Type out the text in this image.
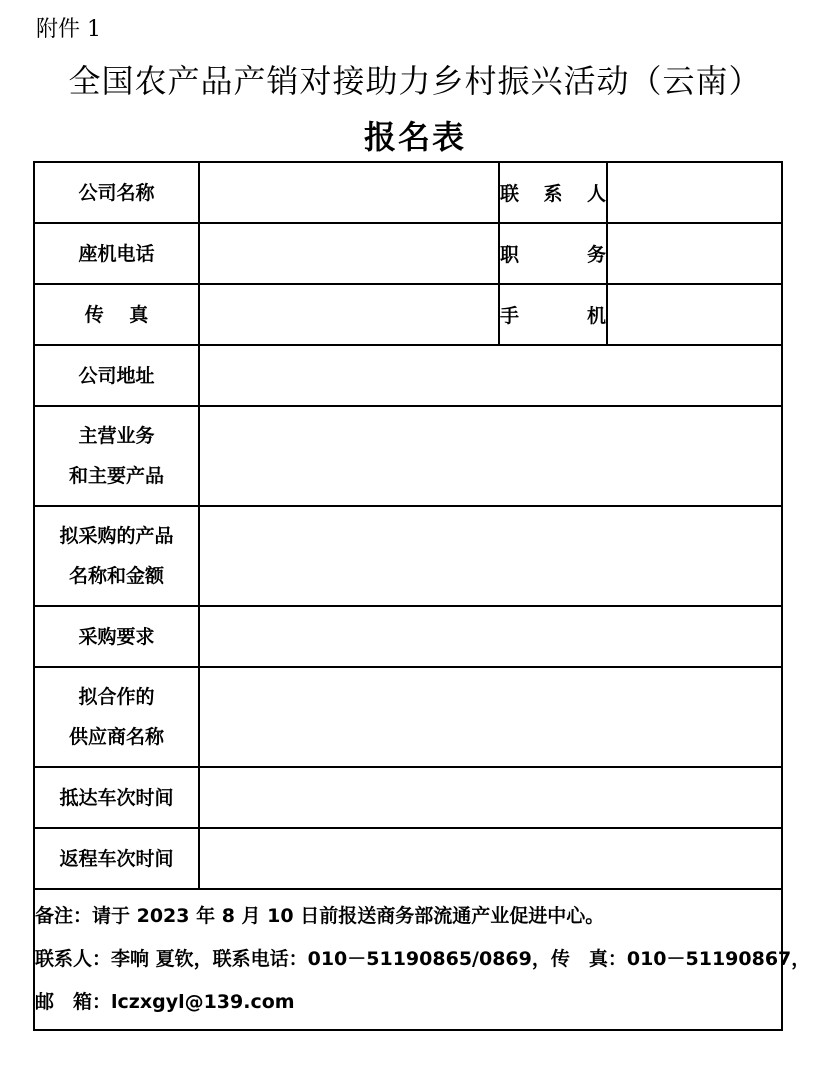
附件 1
全国农产品产销对接助力乡村振兴活动（云南）
报名表
公司名称		联 系 人	
座机电话		职　　务	
传　 真		手　　机	
公司地址			
主营业务
和主要产品			
拟采购的产品
名称和金额			
采购要求			
拟合作的
供应商名称			
抵达车次时间			
返程车次时间			

备注：请于 2023 年 8 月 10 日前报送商务部流通产业促进中心。
联系人：李响 夏钦，联系电话：010－51190865/0869，传　真：010－51190867，
邮　箱：lczxgyl@139.com			
